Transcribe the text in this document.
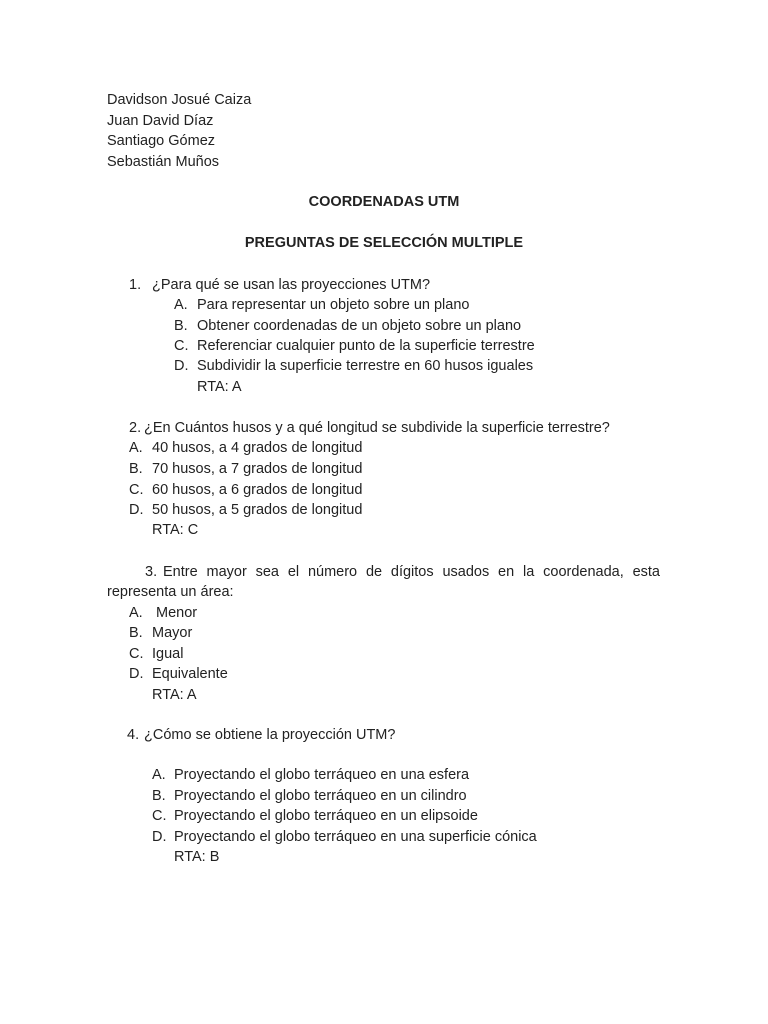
Davidson Josué Caiza
Juan David Díaz
Santiago Gómez
Sebastián Muños
COORDENADAS UTM
PREGUNTAS DE SELECCIÓN MULTIPLE
1. ¿Para qué se usan las proyecciones UTM?
A. Para representar un objeto sobre un plano
B. Obtener coordenadas de un objeto sobre un plano
C. Referenciar cualquier punto de la superficie terrestre
D. Subdividir la superficie terrestre en 60 husos iguales
RTA: A
2. ¿En Cuántos husos y a qué longitud se subdivide la superficie terrestre?
A. 40 husos, a 4 grados de longitud
B. 70 husos, a 7 grados de longitud
C. 60 husos, a 6 grados de longitud
D. 50 husos, a 5 grados de longitud
RTA: C
3. Entre mayor sea el número de dígitos usados en la coordenada, esta
representa un área:
A. Menor
B. Mayor
C. Igual
D. Equivalente
RTA: A
4. ¿Cómo se obtiene la proyección UTM?
A. Proyectando el globo terráqueo en una esfera
B. Proyectando el globo terráqueo en un cilindro
C. Proyectando el globo terráqueo en un elipsoide
D. Proyectando el globo terráqueo en una superficie cónica
RTA: B
